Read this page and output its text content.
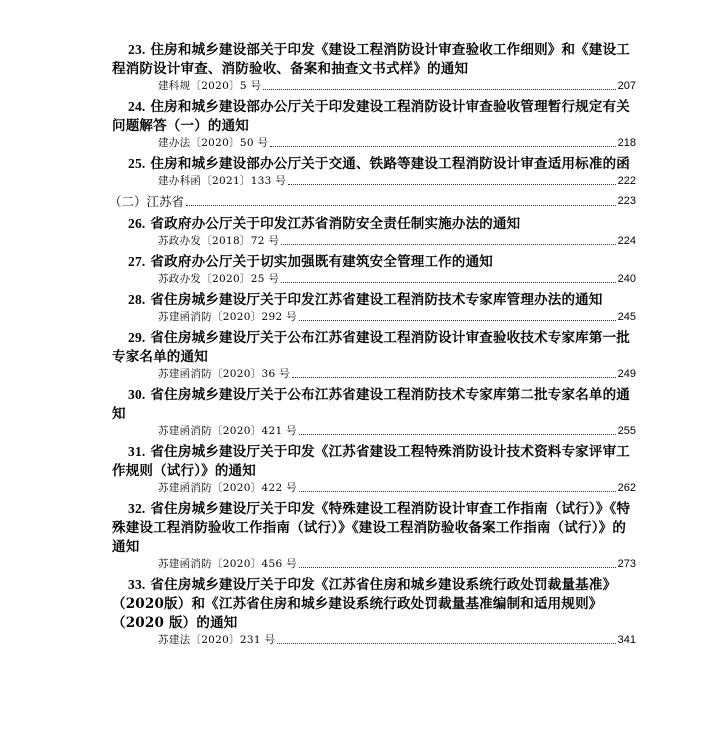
23. 住房和城乡建设部关于印发《建设工程消防设计审查验收工作细则》和《建设工程消防设计审查、消防验收、备案和抽查文书式样》的通知

建科规〔2020〕5 号	207

24. 住房和城乡建设部办公厅关于印发建设工程消防设计审查验收管理暂行规定有关问题解答（一）的通知

建办法〔2020〕50 号	218

25. 住房和城乡建设部办公厅关于交通、铁路等建设工程消防设计审查适用标准的函

建办科函〔2021〕133 号	222
（二）江苏省	223

26. 省政府办公厅关于印发江苏省消防安全责任制实施办法的通知

苏政办发〔2018〕72 号	224

27. 省政府办公厅关于切实加强既有建筑安全管理工作的通知

苏政办发〔2020〕25 号	240

28. 省住房城乡建设厅关于印发江苏省建设工程消防技术专家库管理办法的通知

苏建函消防〔2020〕292 号	245

29. 省住房城乡建设厅关于公布江苏省建设工程消防设计审查验收技术专家库第一批专家名单的通知

苏建函消防〔2020〕36 号	249

30. 省住房城乡建设厅关于公布江苏省建设工程消防技术专家库第二批专家名单的通知

苏建函消防〔2020〕421 号	255

31. 省住房城乡建设厅关于印发《江苏省建设工程特殊消防设计技术资料专家评审工作规则（试行）》的通知

苏建函消防〔2020〕422 号	262

32. 省住房城乡建设厅关于印发《特殊建设工程消防设计审查工作指南（试行）》《特殊建设工程消防验收工作指南（试行）》《建设工程消防验收备案工作指南（试行）》的通知

苏建函消防〔2020〕456 号	273

33. 省住房城乡建设厅关于印发《江苏省住房和城乡建设系统行政处罚裁量基准》（2020版）和《江苏省住房和城乡建设系统行政处罚裁量基准编制和适用规则》（2020 版）的通知

苏建法〔2020〕231 号	341
